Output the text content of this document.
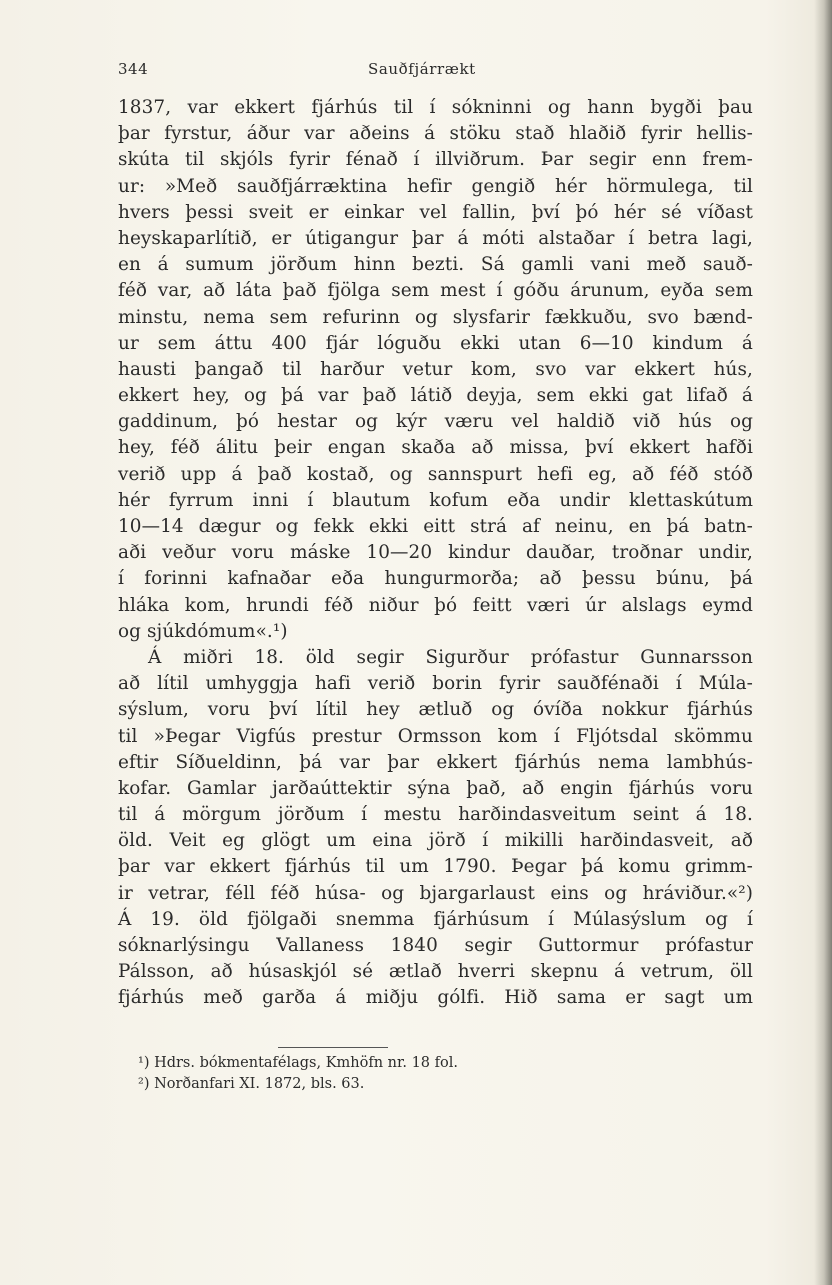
344	Sauðfjárrækt
1837, var ekkert fjárhús til í sókninni og hann bygði þau
þar fyrstur, áður var aðeins á stöku stað hlaðið fyrir hellis-
skúta til skjóls fyrir fénað í illviðrum. Þar segir enn frem-
ur: »Með sauðfjárræktina hefir gengið hér hörmulega, til
hvers þessi sveit er einkar vel fallin, því þó hér sé víðast
heyskaparlítið, er útigangur þar á móti alstaðar í betra lagi,
en á sumum jörðum hinn bezti. Sá gamli vani með sauð-
féð var, að láta það fjölga sem mest í góðu árunum, eyða sem
minstu, nema sem refurinn og slysfarir fækkuðu, svo bænd-
ur sem áttu 400 fjár lóguðu ekki utan 6—10 kindum á
hausti þangað til harður vetur kom, svo var ekkert hús,
ekkert hey, og þá var það látið deyja, sem ekki gat lifað á
gaddinum, þó hestar og kýr væru vel haldið við hús og
hey, féð álitu þeir engan skaða að missa, því ekkert hafði
verið upp á það kostað, og sannspurt hefi eg, að féð stóð
hér fyrrum inni í blautum kofum eða undir klettaskútum
10—14 dægur og fekk ekki eitt strá af neinu, en þá batn-
aði veður voru máske 10—20 kindur dauðar, troðnar undir,
í forinni kafnaðar eða hungurmorða; að þessu búnu, þá
hláka kom, hrundi féð niður þó feitt væri úr alslags eymd
og sjúkdómum«.¹)
Á miðri 18. öld segir Sigurður prófastur Gunnarsson
að lítil umhyggja hafi verið borin fyrir sauðfénaði í Múla-
sýslum, voru því lítil hey ætluð og óvíða nokkur fjárhús
til »Þegar Vigfús prestur Ormsson kom í Fljótsdal skömmu
eftir Síðueldinn, þá var þar ekkert fjárhús nema lambhús-
kofar. Gamlar jarðaúttektir sýna það, að engin fjárhús voru
til á mörgum jörðum í mestu harðindasveitum seint á 18.
öld. Veit eg glögt um eina jörð í mikilli harðindasveit, að
þar var ekkert fjárhús til um 1790. Þegar þá komu grimm-
ir vetrar, féll féð húsa- og bjargarlaust eins og hráviður.«²)
Á 19. öld fjölgaði snemma fjárhúsum í Múlasýslum og í
sóknarlýsingu Vallaness 1840 segir Guttormur prófastur
Pálsson, að húsaskjól sé ætlað hverri skepnu á vetrum, öll
fjárhús með garða á miðju gólfi. Hið sama er sagt um
¹) Hdrs. bókmentafélags, Kmhöfn nr. 18 fol.
²) Norðanfari XI. 1872, bls. 63.
